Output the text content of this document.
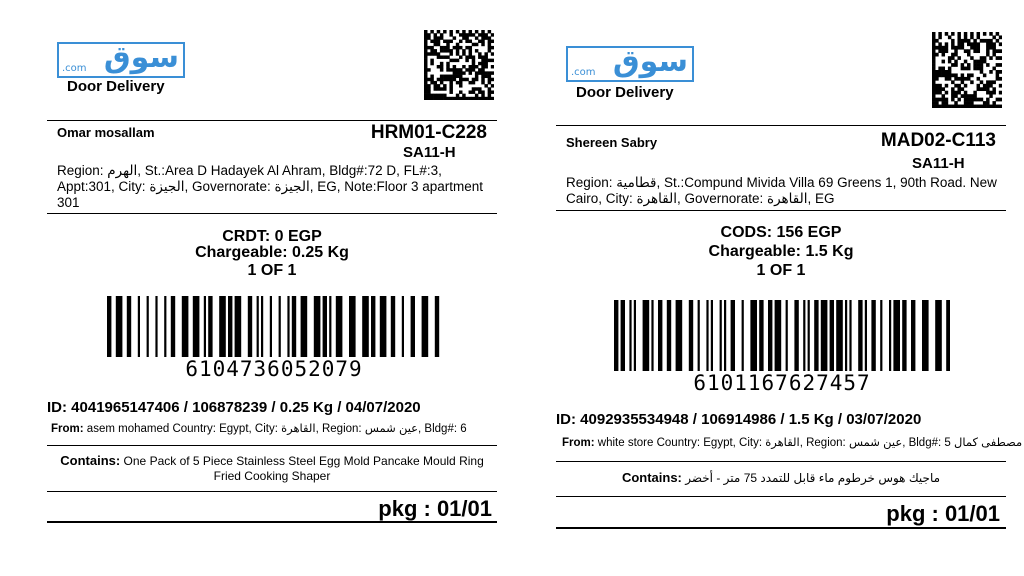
سوق
.com
Door Delivery
Omar mosallam	HRM01-C228
SA11-H
Region: الهرم, St.:Area D Hadayek Al Ahram, Bldg#:72 D, FL#:3, Appt:301, City: الجيزة, Governorate: الجيزة, EG, Note:Floor 3 apartment 301
CRDT: 0 EGP
Chargeable: 0.25 Kg
1 OF 1
6104736052079
ID: 4041965147406 / 106878239 / 0.25 Kg / 04/07/2020
From: asem mohamed Country: Egypt, City: القاهرة, Region: عين شمس, Bldg#: 6
Contains: One Pack of 5 Piece Stainless Steel Egg Mold Pancake Mould Ring Fried Cooking Shaper
pkg : 01/01
سوق
.com
Door Delivery
Shereen Sabry	MAD02-C113
SA11-H
Region: قطامية, St.:Compund Mivida Villa 69 Greens 1, 90th Road. New Cairo, City: القاهرة, Governorate: القاهرة, EG
CODS: 156 EGP
Chargeable: 1.5 Kg
1 OF 1
6101167627457
ID: 4092935534948 / 106914986 / 1.5 Kg / 03/07/2020
From: white store Country: Egypt, City: القاهرة, Region: عين شمس, Bldg#: 5 مصطفى كمال
Contains: ماجيك هوس خرطوم ماء قابل للتمدد 75 متر - أخضر
pkg : 01/01
